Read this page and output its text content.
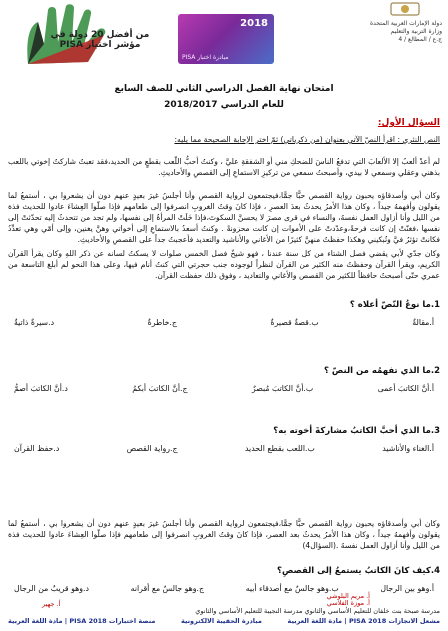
من أفضل 20 دولة في مؤشر اختبار PISA
2018
مبادرة اختبار PISA
دولة الإمارات العربية المتحدة
وزارة التربية والتعليم
ج.ع / المطالع / 4
امتحان نهاية الفصل الدراسي الثاني للصف السابع
للعام الدراسي 2018/2017
السؤال الأول:

النص النثري : اقرأ النصّ الآتي بعنوان (من ذكرياتي) ثمّ اختر الإجابة الصحيحة مما يليه:

لم أعدْ ألعبُ إلا الألعابَ التي تدفعُ الناسَ للضحكِ مني أو الشفقةِ عليَّ ، وكنتُ أحبُّ اللّعب بقطعٍ من الحديد،فقد تعبتُ شاركتُ إخوتي باللعب بذهني وعقلي وسمعي لا بيدي، وأصبحتُ سمعي من تركيزِ الاستماعِ إلى القصصِ والأحاديثِ.

وكان أبي وأصدقاؤه يحبون رواية القصص حبًّا جمًّا،فيجتمعون لرواية القصصِ وأنا أجلسُ غيرَ بعيدٍ عنهم دون أن يشعروا بي ، أستمعُ لما يقولون وأفهمهُ جيداً ، وكان هذا الأمرُ يحدثُ بعدَ العصرِ ، فإذا كانَ وقتُ الغروبِ انصرفوا إلى طعامهم فإذا صلّوا العِشاءَ عادوا للحديث فذة من الليل وأنا أزاول العمل نفسهُ، والنساء في قرى مصرَ لا يحسنَّ السكوتَ،فإذا خَلَتْ المرأةُ إلى نفسها، ولم تجد من تتحدثُ إليه تحدّثتْ إلى نفسها ،فغنّتْ إن كانت فرحةً،وعدّدتْ على الأموات إن كانت محزونةً . وكنتُ أسعدُ بالاستماعِ إلى أخواتي وهنَّ يغنين، وإلى أمّي وهي تعدِّدُ فكانتْ تؤثرُ فيَّ وتُبكيني وهكذا حفظتُ منهنَّ كثيرًا من الأغاني والأناشيد والتعديد فأعجبتُ جداً على القصصِ والأحاديثِ.

وكان جدّي لأبي يقضي فصل الشتاء من كل سنة عندنا ، فهو شيخٌ فصل الخمس صلوات لا يسكتُ لسانه عن ذكر اللهِ وكان يقرأ القرآن الكريم، ويقرأ القرآن وحفظتُ منه الكثير من القرآن لنظراً لوجوده جنب حجرتي التي كنتُ أنام فيها، وعلى هذا النحو لم أبلغ التاسعة من عمري حتّى أصبحتُ حافظاً للكثير من القصص والأغاني والتعاديد ، وفوق ذلك حفظت القرآن.

1.ما نوعُ النّصّ أعلاه ؟
أ.مقالةٌ
ب.قصةٌ قصيرةٌ
ج.خاطرةٌ
د.سيرةٌ ذاتيةٌ
2.ما الذي تفهمُه من النصّ ؟
أ.أنَّ الكاتبَ أعمى
ب.أنَّ الكاتبَ مُبصرٌ
ج.أنَّ الكاتبَ أبكمُ
د.أنَّ الكاتبَ أصمُّ
3.ما الذي أحبَّ الكاتبُ مشاركةَ أخوته به؟
أ.الغناء والأناشيد
ب.اللعب بقطع الحديد
ج.رواية القصص
د.حفظ القرآن

وكان أبي وأصدقاؤه يحبون رواية القصص حبًّا جمًّا،فيجتمعون لرواية القصص وأنا أجلسُ غيرَ بعيدٍ عنهم دون أن يشعروا بي ، أستمعُ لما يقولون وأفهمهُ جيداً ، وكان هذا الأمرُ يحدثُ بعد العصر، فإذا كانَ وقتُ الغروبِ انصرفوا إلى طعامهم فإذا صلّوا العِشاءَ عادوا للحديث فذة من الليل وأنا أزاول العمل نفسهُ .(السؤال4)

4.كيف كانَ الكاتبُ يستمعُ إلى القصصِ؟
أ.وهو بين الرجال
ب.وهو جالسٌ مع أصدقاء أبيه
ج.وهو جالسٌ مع أقرانه
د.وهو قريبٌ من الرجال
أ. مريم البلوشي
أ. موزة الفلاسي
أ. جهير
مدرسة صبحة بنت خلفان للتعليم الأساسي والثانوي مدرسة النجيبة للتعليم الأساسي والثانوي
مشعل الانجازات PISA 2018 | مادة اللغة العربية
مبادرة الحقيبة الالكترونية
منصة اختبارات PISA 2018 | مادة اللغة العربية
